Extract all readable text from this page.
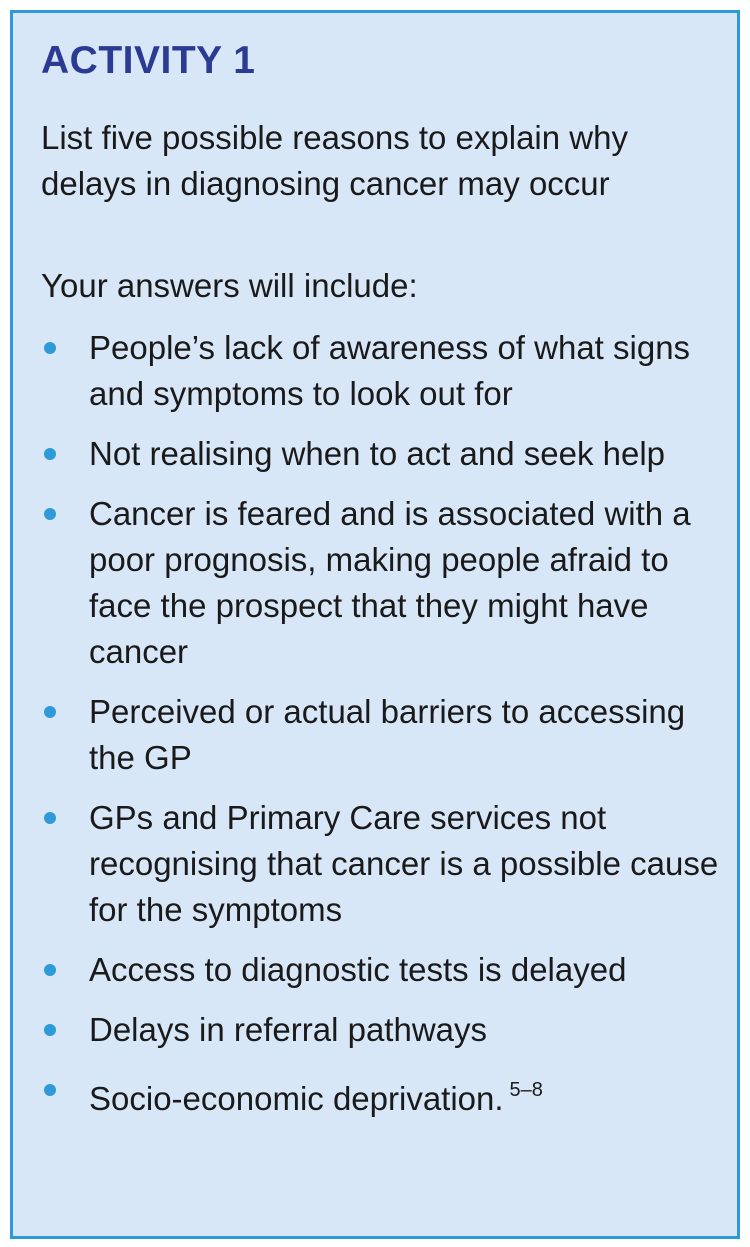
ACTIVITY 1

List five possible reasons to explain why delays in diagnosing cancer may occur

Your answers will include:

People’s lack of awareness of what signs and symptoms to look out for
Not realising when to act and seek help
Cancer is feared and is associated with a poor prognosis, making people afraid to face the prospect that they might have cancer
Perceived or actual barriers to accessing the GP
GPs and Primary Care services not recognising that cancer is a possible cause for the symptoms
Access to diagnostic tests is delayed
Delays in referral pathways
Socio-economic deprivation. $^{5-8}$
